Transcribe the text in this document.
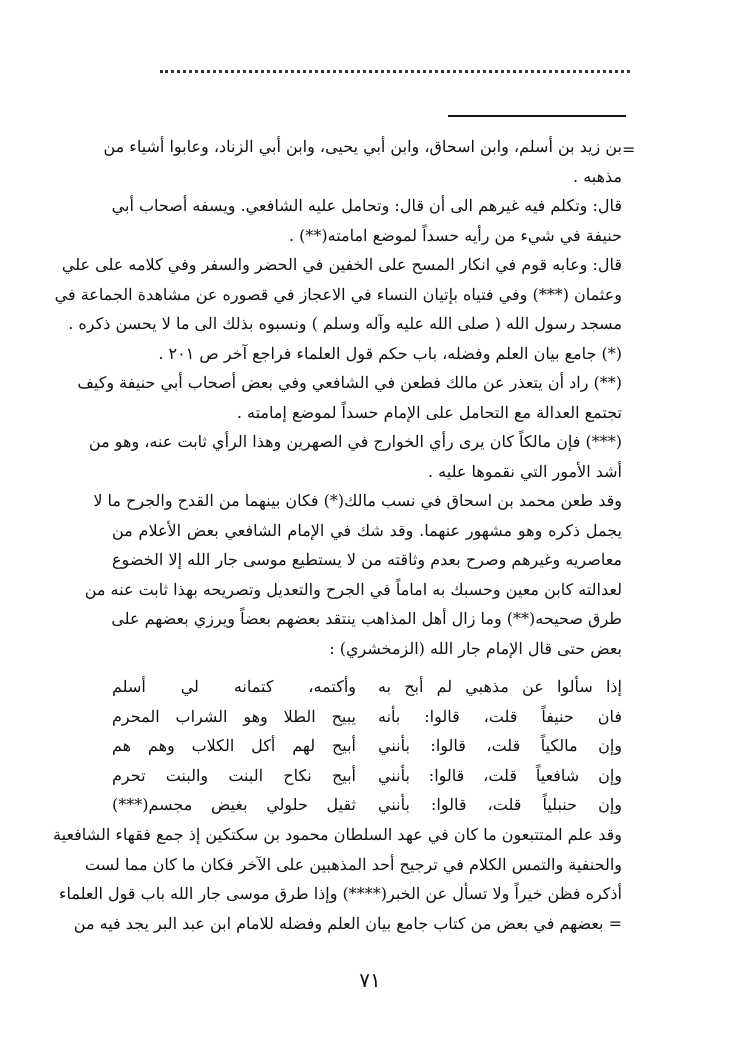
=
بن زيد بن أسلم، وابن اسحاق، وابن أبي يحيى، وابن أبي الزناد، وعابوا أشياء من
مذهبه .
قال: وتكلم فيه غيرهم الى أن قال: وتحامل عليه الشافعي. ويسفه أصحاب أبي
حنيفة في شيء من رأيه حسداً لموضع امامته(**) .
قال: وعابه قوم في انكار المسح على الخفين في الحضر والسفر وفي كلامه على علي
وعثمان (***) وفي فتياه بإتيان النساء في الاعجاز في قصوره عن مشاهدة الجماعة في
مسجد رسول الله ( صلى الله عليه وآله وسلم ) ونسبوه بذلك الى ما لا يحسن ذكره .
(*) جامع بيان العلم وفضله، باب حكم قول العلماء فراجع آخر ص ٢٠١ .
(**) راد أن يتعذر عن مالك فطعن في الشافعي وفي بعض أصحاب أبي حنيفة وكيف
تجتمع العدالة مع التحامل على الإمام حسداً لموضع إمامته .
(***) فإن مالكاً كان يرى رأي الخوارج في الصهرين وهذا الرأي ثابت عنه، وهو من
أشد الأمور التي نقموها عليه .
وقد طعن محمد بن اسحاق في نسب مالك(*) فكان بينهما من القدح والجرح ما لا
يجمل ذكره وهو مشهور عنهما. وقد شك في الإمام الشافعي بعض الأعلام من
معاصريه وغيرهم وصرح بعدم وثاقته من لا يستطيع موسى جار الله إلا الخضوع
لعدالته كابن معين وحسبك به اماماً في الجرح والتعديل وتصريحه بهذا ثابت عنه من
طرق صحيحه(**) وما زال أهل المذاهب ينتقد بعضهم بعضاً ويرزي بعضهم على
بعض حتى قال الإمام جار الله (الزمخشري) :
إذا سألوا عن مذهبي لم أبح به
وأكتمه، كتمانه لي أسلم
فان حنيفاً قلت، قالوا: بأنه
يبيح الطلا وهو الشراب المحرم
وإن مالكياً قلت، قالوا: بأنني
أبيح لهم أكل الكلاب وهم هم
وإن شافعياً قلت، قالوا: بأنني
أبيح نكاح البنت والبنت تحرم
وإن حنبلياً قلت، قالوا: بأنني
ثقيل حلولي بغيض مجسم(***)
وقد علم المتتبعون ما كان في عهد السلطان محمود بن سكتكين إذ جمع فقهاء الشافعية
والحنفية والتمس الكلام في ترجيح أحد المذهبين على الآخر فكان ما كان مما لست
أذكره فظن خيراً ولا تسأل عن الخبر(****) وإذا طرق موسى جار الله باب قول العلماء
= بعضهم في بعض من كتاب جامع بيان العلم وفضله للامام ابن عبد البر يجد فيه من
٧١
